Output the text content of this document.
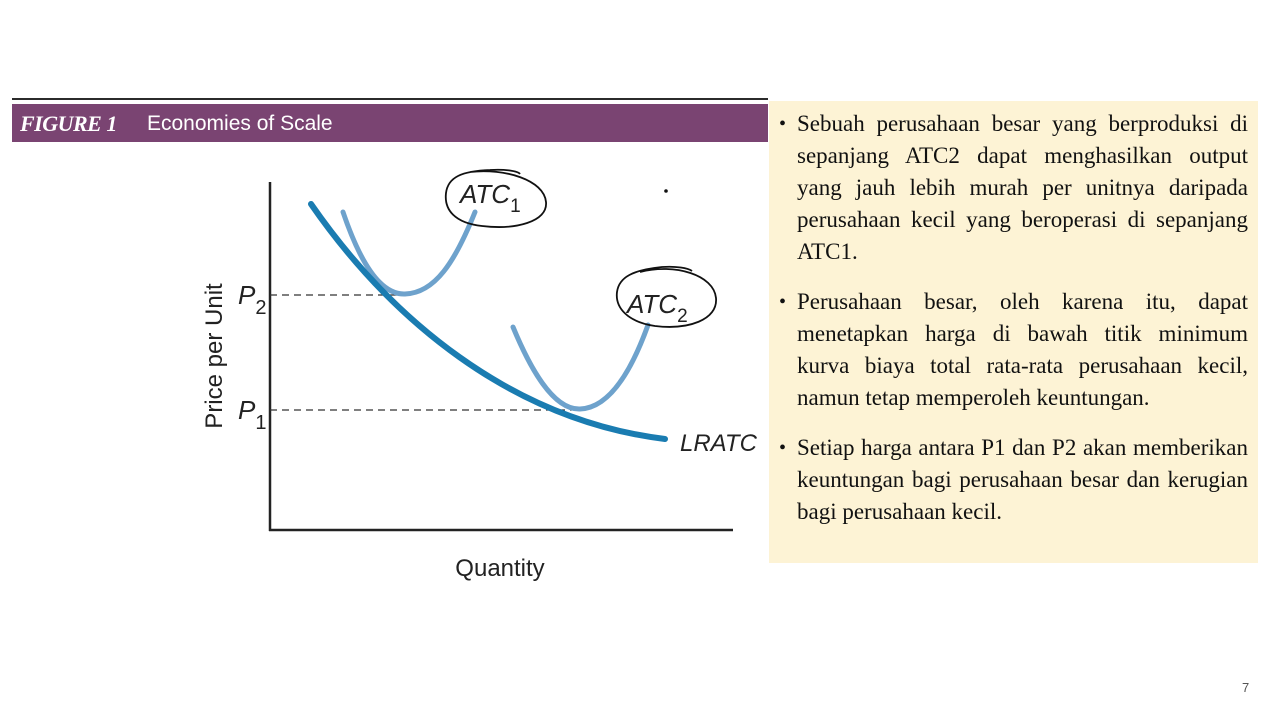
FIGURE 1 Economies of Scale
$P_2$
$P_1$
Price per Unit
Quantity
$ATC_1$
$ATC_2$
LRATC
• Sebuah perusahaan besar yang berproduksi di sepanjang ATC2 dapat menghasilkan output yang jauh lebih murah per unitnya daripada perusahaan kecil yang beroperasi di sepanjang ATC1.
• Perusahaan besar, oleh karena itu, dapat menetapkan harga di bawah titik minimum kurva biaya total rata-rata perusahaan kecil, namun tetap memperoleh keuntungan.
• Setiap harga antara P1 dan P2 akan memberikan keuntungan bagi perusahaan besar dan kerugian bagi perusahaan kecil.
7
